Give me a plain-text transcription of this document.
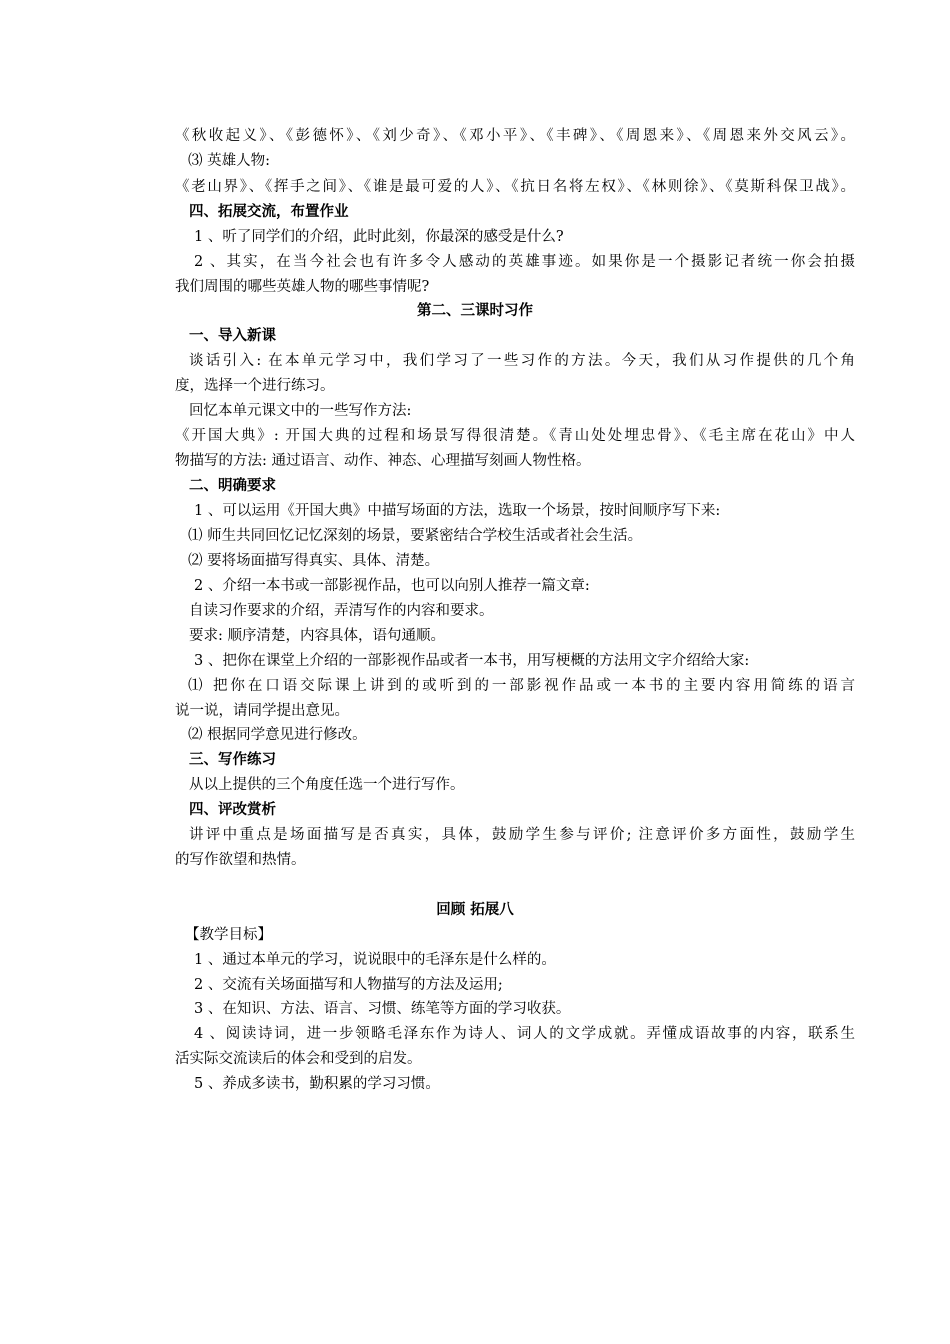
《秋收起义》、《彭德怀》、《刘少奇》、《邓小平》、《丰碑》、《周恩来》、《周恩来外交风云》。
⑶ 英雄人物:
《老山界》、《挥手之间》、《谁是最可爱的人》、《抗日名将左权》、《林则徐》、《莫斯科保卫战》。
四、拓展交流，布置作业
1 、听了同学们的介绍，此时此刻，你最深的感受是什么?
2 、其实，在当今社会也有许多令人感动的英雄事迹。如果你是一个摄影记者统一你会拍摄
我们周围的哪些英雄人物的哪些事情呢?
第二、三课时习作
一、导入新课
谈话引入: 在本单元学习中，我们学习了一些习作的方法。今天，我们从习作提供的几个角
度，选择一个进行练习。
回忆本单元课文中的一些写作方法:
《开国大典》: 开国大典的过程和场景写得很清楚。《青山处处埋忠骨》、《毛主席在花山》中人
物描写的方法: 通过语言、动作、神态、心理描写刻画人物性格。
二、明确要求
1 、可以运用《开国大典》中描写场面的方法，选取一个场景，按时间顺序写下来:
⑴ 师生共同回忆记忆深刻的场景，要紧密结合学校生活或者社会生活。
⑵ 要将场面描写得真实、具体、清楚。
2 、介绍一本书或一部影视作品，也可以向别人推荐一篇文章:
自读习作要求的介绍，弄清写作的内容和要求。
要求: 顺序清楚，内容具体，语句通顺。
3 、把你在课堂上介绍的一部影视作品或者一本书，用写梗概的方法用文字介绍给大家:
⑴ 把你在口语交际课上讲到的或听到的一部影视作品或一本书的主要内容用简练的语言
说一说，请同学提出意见。
⑵ 根据同学意见进行修改。
三、写作练习
从以上提供的三个角度任选一个进行写作。
四、评改赏析
讲评中重点是场面描写是否真实，具体，鼓励学生参与评价; 注意评价多方面性，鼓励学生
的写作欲望和热情。
回顾 拓展八
【教学目标】
1 、通过本单元的学习，说说眼中的毛泽东是什么样的。
2 、交流有关场面描写和人物描写的方法及运用;
3 、在知识、方法、语言、习惯、练笔等方面的学习收获。
4 、阅读诗词，进一步领略毛泽东作为诗人、词人的文学成就。弄懂成语故事的内容，联系生
活实际交流读后的体会和受到的启发。
5 、养成多读书，勤积累的学习习惯。
